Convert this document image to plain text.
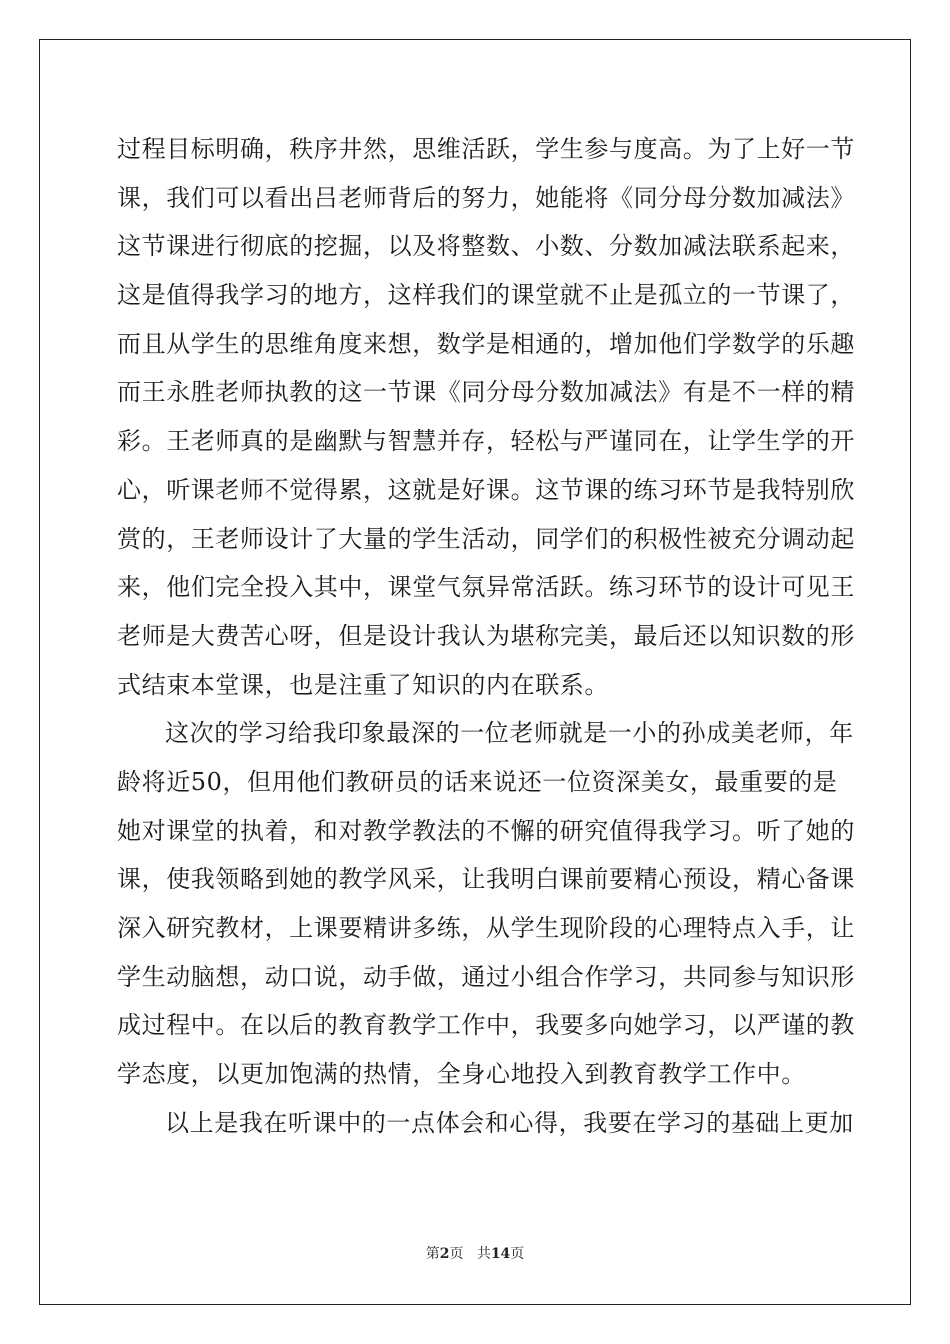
过程目标明确，秩序井然，思维活跃，学生参与度高。为了上好一节
课，我们可以看出吕老师背后的努力，她能将《同分母分数加减法》
这节课进行彻底的挖掘，以及将整数、小数、分数加减法联系起来，
这是值得我学习的地方，这样我们的课堂就不止是孤立的一节课了，
而且从学生的思维角度来想，数学是相通的，增加他们学数学的乐趣
而王永胜老师执教的这一节课《同分母分数加减法》有是不一样的精
彩。王老师真的是幽默与智慧并存，轻松与严谨同在，让学生学的开
心，听课老师不觉得累，这就是好课。这节课的练习环节是我特别欣
赏的，王老师设计了大量的学生活动，同学们的积极性被充分调动起
来，他们完全投入其中，课堂气氛异常活跃。练习环节的设计可见王
老师是大费苦心呀，但是设计我认为堪称完美，最后还以知识数的形
式结束本堂课，也是注重了知识的内在联系。
这次的学习给我印象最深的一位老师就是一小的孙成美老师，年
龄将近50，但用他们教研员的话来说还一位资深美女，最重要的是
她对课堂的执着，和对教学教法的不懈的研究值得我学习。听了她的
课，使我领略到她的教学风采，让我明白课前要精心预设，精心备课
深入研究教材，上课要精讲多练，从学生现阶段的心理特点入手，让
学生动脑想，动口说，动手做，通过小组合作学习，共同参与知识形
成过程中。在以后的教育教学工作中，我要多向她学习，以严谨的教
学态度，以更加饱满的热情，全身心地投入到教育教学工作中。
以上是我在听课中的一点体会和心得，我要在学习的基础上更加
第2页 共14页
